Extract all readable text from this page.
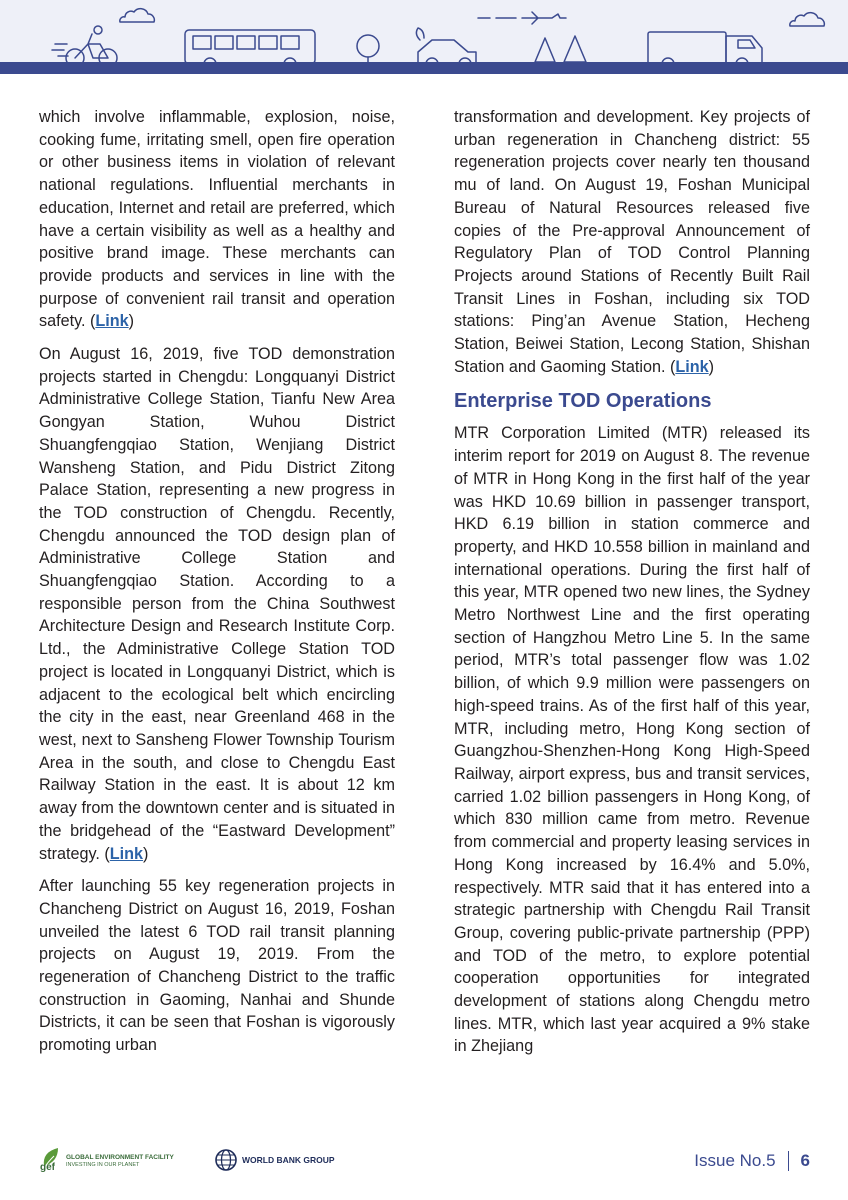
which involve inflammable, explosion, noise, cooking fume, irritating smell, open fire operation or other business items in violation of relevant national regulations. Influential merchants in education, Internet and retail are preferred, which have a certain visibility as well as a healthy and positive brand image. These merchants can provide products and services in line with the purpose of convenient rail transit and operation safety. (Link)

On August 16, 2019, five TOD demonstration projects started in Chengdu: Longquanyi District Administrative College Station, Tianfu New Area Gongyan Station, Wuhou District Shuangfengqiao Station, Wenjiang District Wansheng Station, and Pidu District Zitong Palace Station, representing a new progress in the TOD construction of Chengdu. Recently, Chengdu announced the TOD design plan of Administrative College Station and Shuangfengqiao Station. According to a responsible person from the China Southwest Architecture Design and Research Institute Corp. Ltd., the Administrative College Station TOD project is located in Longquanyi District, which is adjacent to the ecological belt which encircling the city in the east, near Greenland 468 in the west, next to Sansheng Flower Township Tourism Area in the south, and close to Chengdu East Railway Station in the east. It is about 12 km away from the downtown center and is situated in the bridgehead of the “Eastward Development” strategy. (Link)

After launching 55 key regeneration projects in Chancheng District on August 16, 2019, Foshan unveiled the latest 6 TOD rail transit planning projects on August 19, 2019. From the regeneration of Chancheng District to the traffic construction in Gaoming, Nanhai and Shunde Districts, it can be seen that Foshan is vigorously promoting urban

transformation and development. Key projects of urban regeneration in Chancheng district: 55 regeneration projects cover nearly ten thousand mu of land. On August 19, Foshan Municipal Bureau of Natural Resources released five copies of the Pre-approval Announcement of Regulatory Plan of TOD Control Planning Projects around Stations of Recently Built Rail Transit Lines in Foshan, including six TOD stations: Ping’an Avenue Station, Hecheng Station, Beiwei Station, Lecong Station, Shishan Station and Gaoming Station. (Link)

Enterprise TOD Operations

MTR Corporation Limited (MTR) released its interim report for 2019 on August 8. The revenue of MTR in Hong Kong in the first half of the year was HKD 10.69 billion in passenger transport, HKD 6.19 billion in station commerce and property, and HKD 10.558 billion in mainland and international operations. During the first half of this year, MTR opened two new lines, the Sydney Metro Northwest Line and the first operating section of Hangzhou Metro Line 5. In the same period, MTR’s total passenger flow was 1.02 billion, of which 9.9 million were passengers on high-speed trains. As of the first half of this year, MTR, including metro, Hong Kong section of Guangzhou-Shenzhen-Hong Kong High-Speed Railway, airport express, bus and transit services, carried 1.02 billion passengers in Hong Kong, of which 830 million came from metro. Revenue from commercial and property leasing services in Hong Kong increased by 16.4% and 5.0%, respectively. MTR said that it has entered into a strategic partnership with Chengdu Rail Transit Group, covering public-private partnership (PPP) and TOD of the metro, to explore potential cooperation opportunities for integrated development of stations along Chengdu metro lines. MTR, which last year acquired a 9% stake in Zhejiang

gef
GLOBAL ENVIRONMENT FACILITY
INVESTING IN OUR PLANET	WORLD BANK GROUP	Issue No.5 6
